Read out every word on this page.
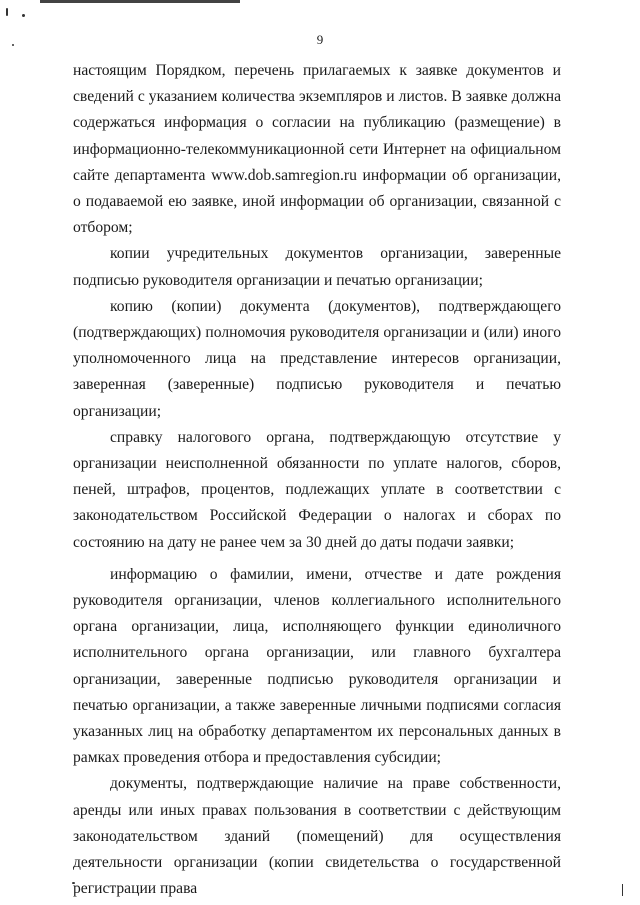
9

настоящим Порядком, перечень прилагаемых к заявке документов и сведений с указанием количества экземпляров и листов. В заявке должна содержаться информация о согласии на публикацию (размещение) в информационно-телекоммуникационной сети Интернет на официальном сайте департамента www.dob.samregion.ru информации об организации, о подаваемой ею заявке, иной информации об организации, связанной с отбором;

копии учредительных документов организации, заверенные подписью руководителя организации и печатью организации;

копию (копии) документа (документов), подтверждающего (подтверждающих) полномочия руководителя организации и (или) иного уполномоченного лица на представление интересов организации, заверенная (заверенные) подписью руководителя и печатью организации;

справку налогового органа, подтверждающую отсутствие у организации неисполненной обязанности по уплате налогов, сборов, пеней, штрафов, процентов, подлежащих уплате в соответствии с законодательством Российской Федерации о налогах и сборах по состоянию на дату не ранее чем за 30 дней до даты подачи заявки;

информацию о фамилии, имени, отчестве и дате рождения руководителя организации, членов коллегиального исполнительного органа организации, лица, исполняющего функции единоличного исполнительного органа организации, или главного бухгалтера организации, заверенные подписью руководителя организации и печатью организации, а также заверенные личными подписями согласия указанных лиц на обработку департаментом их персональных данных в рамках проведения отбора и предоставления субсидии;

документы, подтверждающие наличие на праве собственности, аренды или иных правах пользования в соответствии с действующим законодательством зданий (помещений) для осуществления деятельности организации (копии свидетельства о государственной регистрации права
